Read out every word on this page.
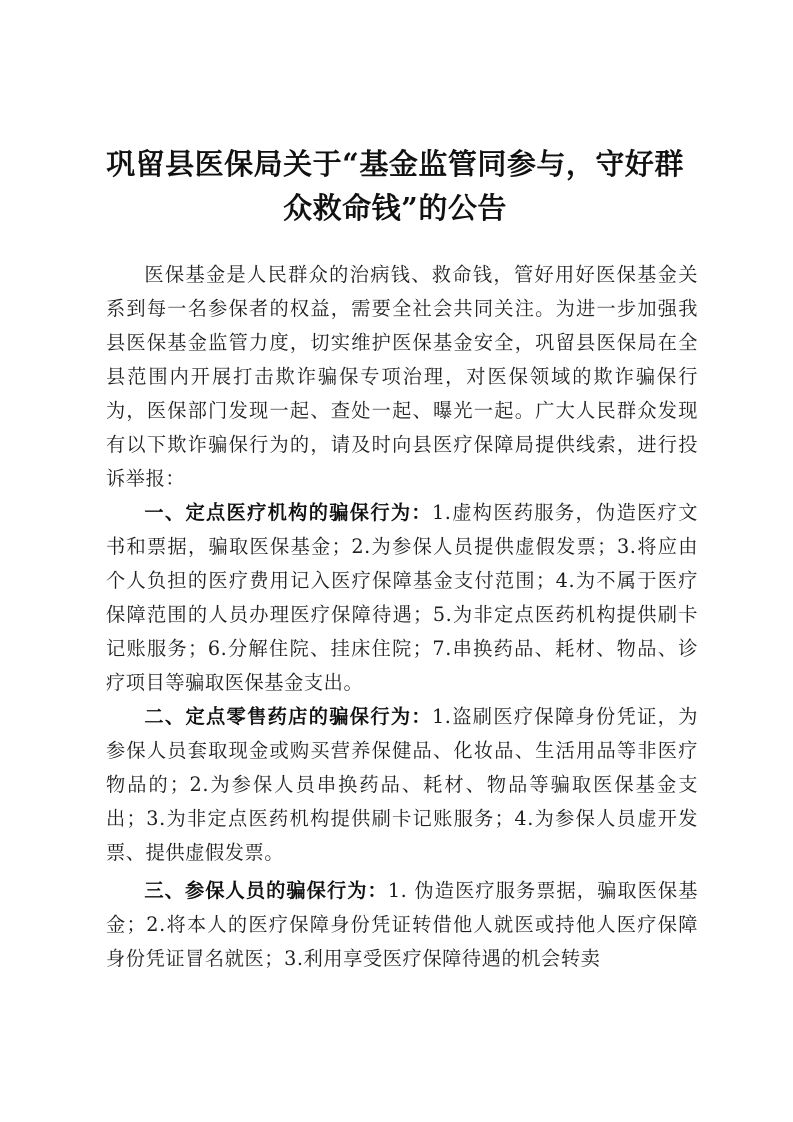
巩留县医保局关于“基金监管同参与，守好群
众救命钱”的公告

医保基金是人民群众的治病钱、救命钱，管好用好医保基金关系到每一名参保者的权益，需要全社会共同关注。为进一步加强我县医保基金监管力度，切实维护医保基金安全，巩留县医保局在全县范围内开展打击欺诈骗保专项治理，对医保领域的欺诈骗保行为，医保部门发现一起、查处一起、曝光一起。广大人民群众发现有以下欺诈骗保行为的，请及时向县医疗保障局提供线索，进行投诉举报：

一、定点医疗机构的骗保行为：1.虚构医药服务，伪造医疗文书和票据，骗取医保基金；2.为参保人员提供虚假发票；3.将应由个人负担的医疗费用记入医疗保障基金支付范围；4.为不属于医疗保障范围的人员办理医疗保障待遇；5.为非定点医药机构提供刷卡记账服务；6.分解住院、挂床住院；7.串换药品、耗材、物品、诊疗项目等骗取医保基金支出。

二、定点零售药店的骗保行为：1.盗刷医疗保障身份凭证，为参保人员套取现金或购买营养保健品、化妆品、生活用品等非医疗物品的；2.为参保人员串换药品、耗材、物品等骗取医保基金支出；3.为非定点医药机构提供刷卡记账服务；4.为参保人员虚开发票、提供虚假发票。

三、参保人员的骗保行为：1. 伪造医疗服务票据，骗取医保基金；2.将本人的医疗保障身份凭证转借他人就医或持他人医疗保障身份凭证冒名就医；3.利用享受医疗保障待遇的机会转卖
